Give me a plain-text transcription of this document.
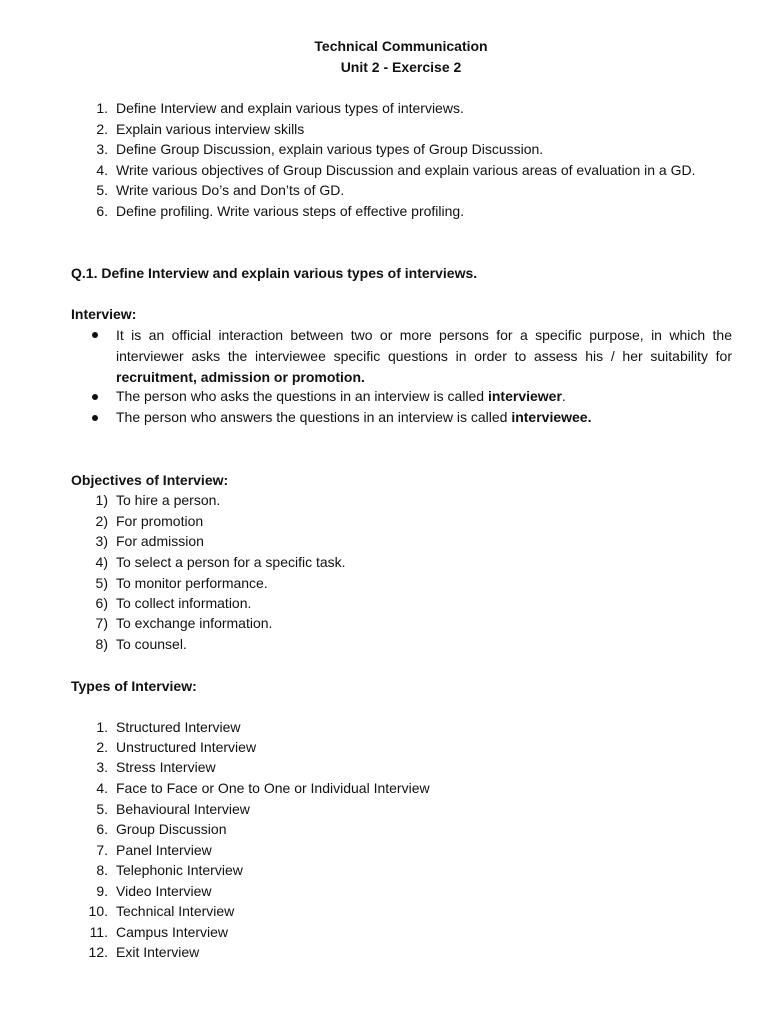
Technical Communication
Unit 2 - Exercise 2
1. Define Interview and explain various types of interviews.
2. Explain various interview skills
3. Define Group Discussion, explain various types of Group Discussion.
4. Write various objectives of Group Discussion and explain various areas of evaluation in a GD.
5. Write various Do’s and Don’ts of GD.
6. Define profiling. Write various steps of effective profiling.
Q.1. Define Interview and explain various types of interviews.
Interview:
It is an official interaction between two or more persons for a specific purpose, in which the interviewer asks the interviewee specific questions in order to assess his / her suitability for recruitment, admission or promotion.
The person who asks the questions in an interview is called interviewer.
The person who answers the questions in an interview is called interviewee.
Objectives of Interview:
1) To hire a person.
2) For promotion
3) For admission
4) To select a person for a specific task.
5) To monitor performance.
6) To collect information.
7) To exchange information.
8) To counsel.
Types of Interview:
1. Structured Interview
2. Unstructured Interview
3. Stress Interview
4. Face to Face or One to One or Individual Interview
5. Behavioural Interview
6. Group Discussion
7. Panel Interview
8. Telephonic Interview
9. Video Interview
10. Technical Interview
11. Campus Interview
12. Exit Interview
